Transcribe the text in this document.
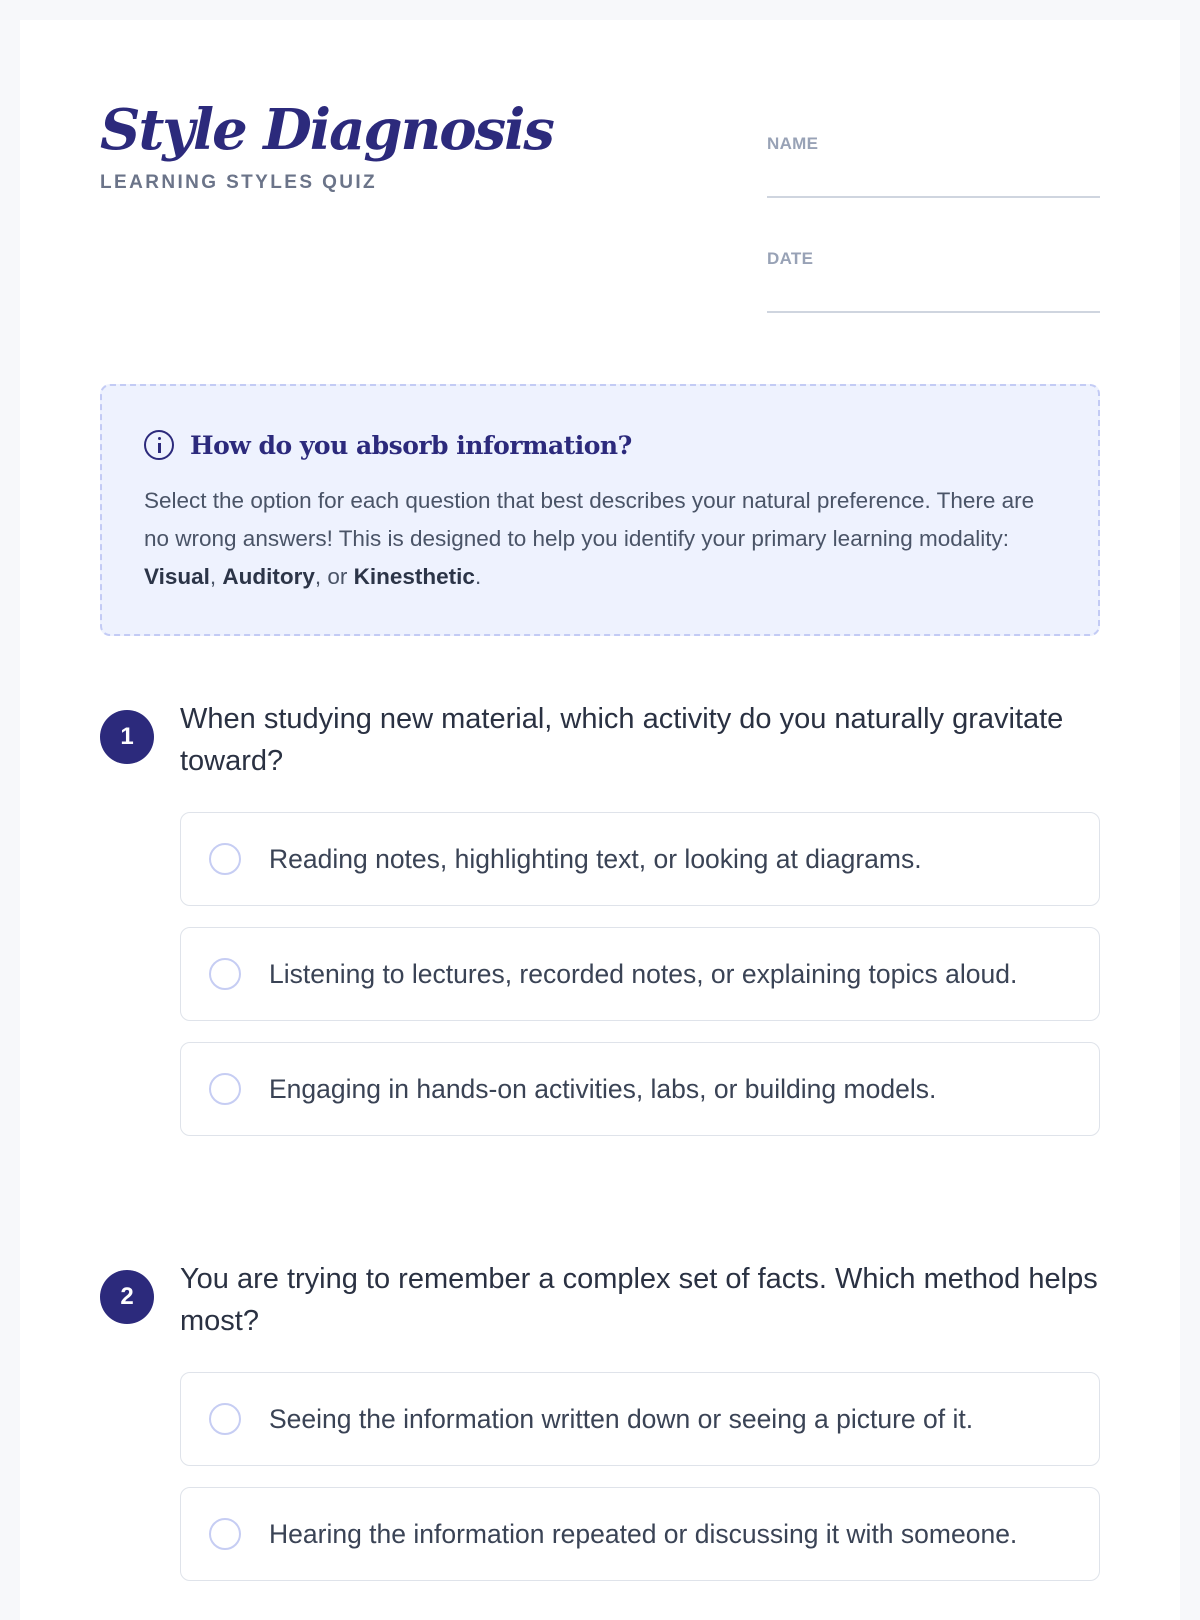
Style Diagnosis
LEARNING STYLES QUIZ
NAME
DATE
How do you absorb information?

Select the option for each question that best describes your natural preference. There are no wrong answers! This is designed to help you identify your primary learning modality: Visual, Auditory, or Kinesthetic.

1
When studying new material, which activity do you naturally gravitate toward?
Reading notes, highlighting text, or looking at diagrams.
Listening to lectures, recorded notes, or explaining topics aloud.
Engaging in hands-on activities, labs, or building models.
2
You are trying to remember a complex set of facts. Which method helps most?
Seeing the information written down or seeing a picture of it.
Hearing the information repeated or discussing it with someone.
